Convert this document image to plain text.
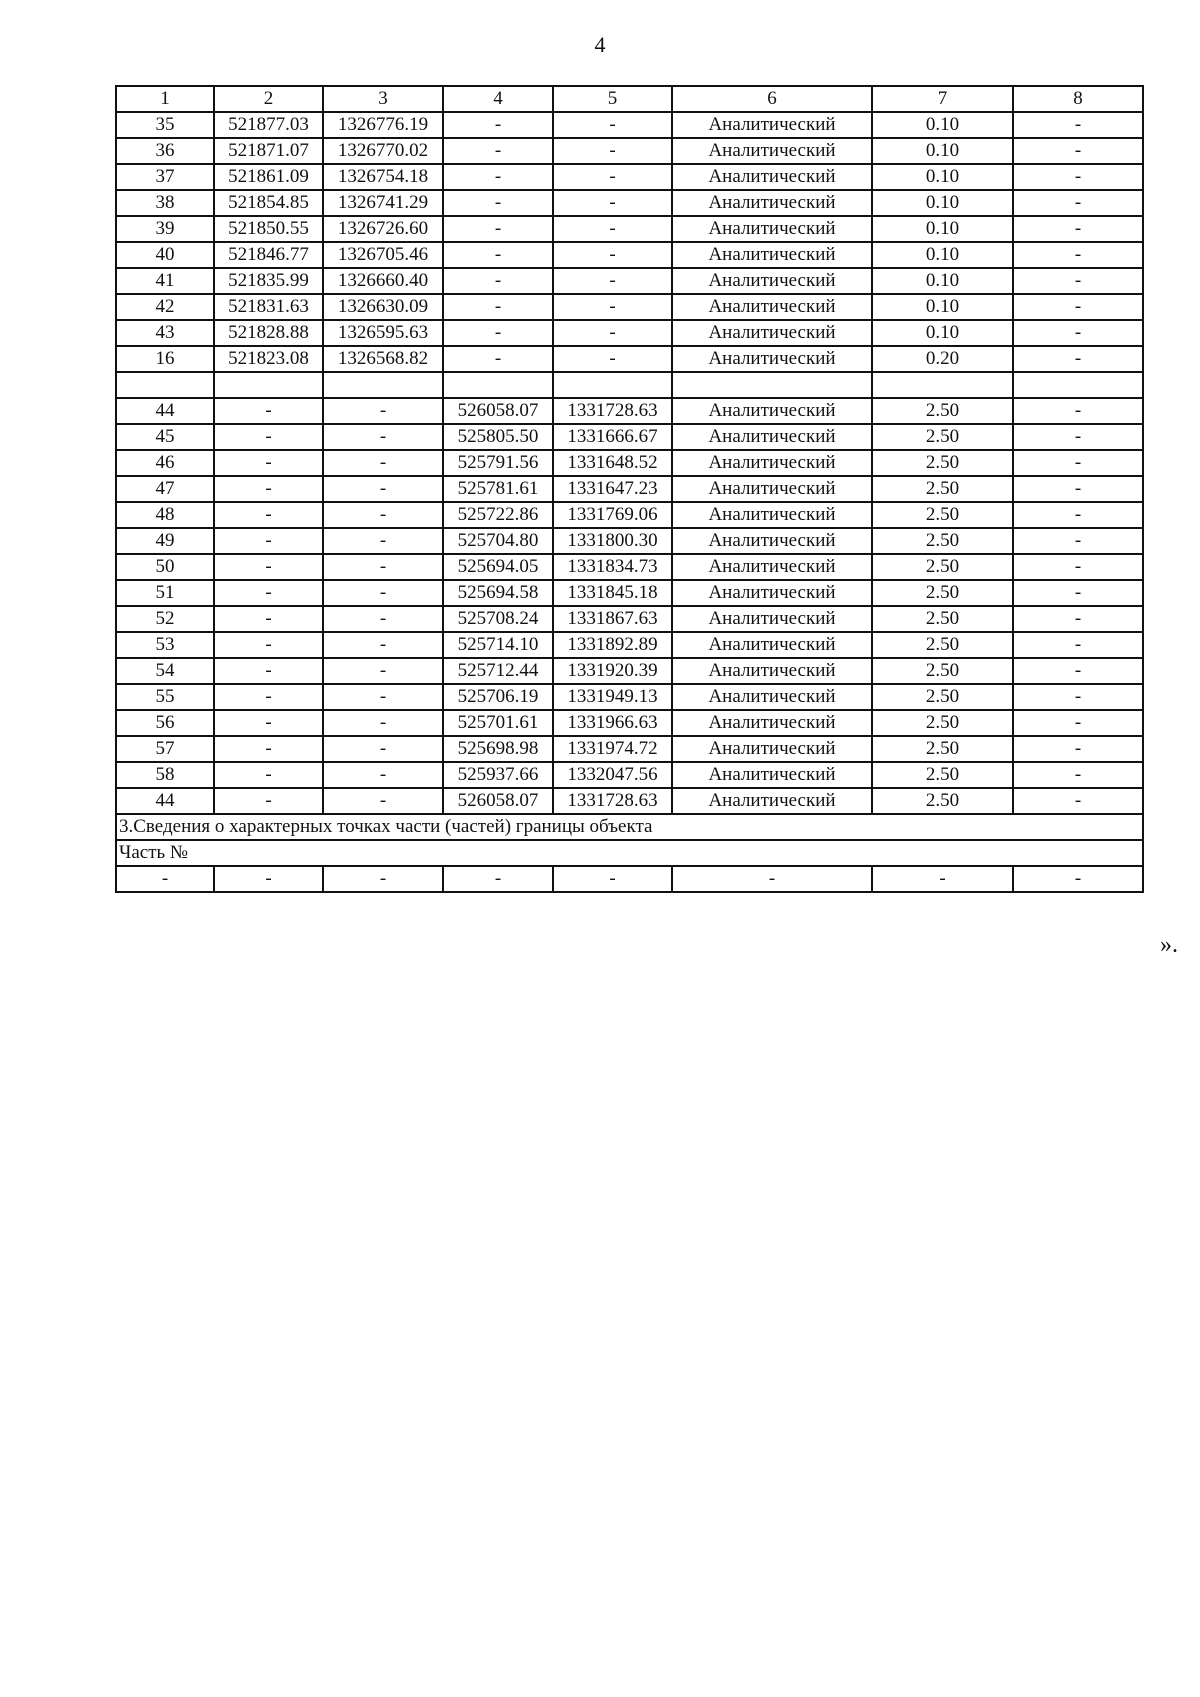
4
1	2	3	4	5	6	7	8
35	521877.03	1326776.19	-	-	Аналитический	0.10	-
36	521871.07	1326770.02	-	-	Аналитический	0.10	-
37	521861.09	1326754.18	-	-	Аналитический	0.10	-
38	521854.85	1326741.29	-	-	Аналитический	0.10	-
39	521850.55	1326726.60	-	-	Аналитический	0.10	-
40	521846.77	1326705.46	-	-	Аналитический	0.10	-
41	521835.99	1326660.40	-	-	Аналитический	0.10	-
42	521831.63	1326630.09	-	-	Аналитический	0.10	-
43	521828.88	1326595.63	-	-	Аналитический	0.10	-
16	521823.08	1326568.82	-	-	Аналитический	0.20	-

44	-	-	526058.07	1331728.63	Аналитический	2.50	-
45	-	-	525805.50	1331666.67	Аналитический	2.50	-
46	-	-	525791.56	1331648.52	Аналитический	2.50	-
47	-	-	525781.61	1331647.23	Аналитический	2.50	-
48	-	-	525722.86	1331769.06	Аналитический	2.50	-
49	-	-	525704.80	1331800.30	Аналитический	2.50	-
50	-	-	525694.05	1331834.73	Аналитический	2.50	-
51	-	-	525694.58	1331845.18	Аналитический	2.50	-
52	-	-	525708.24	1331867.63	Аналитический	2.50	-
53	-	-	525714.10	1331892.89	Аналитический	2.50	-
54	-	-	525712.44	1331920.39	Аналитический	2.50	-
55	-	-	525706.19	1331949.13	Аналитический	2.50	-
56	-	-	525701.61	1331966.63	Аналитический	2.50	-
57	-	-	525698.98	1331974.72	Аналитический	2.50	-
58	-	-	525937.66	1332047.56	Аналитический	2.50	-
44	-	-	526058.07	1331728.63	Аналитический	2.50	-
3.Сведения о характерных точках части (частей) границы объекта							
Часть №							
-	-	-	-	-	-	-	-
».
